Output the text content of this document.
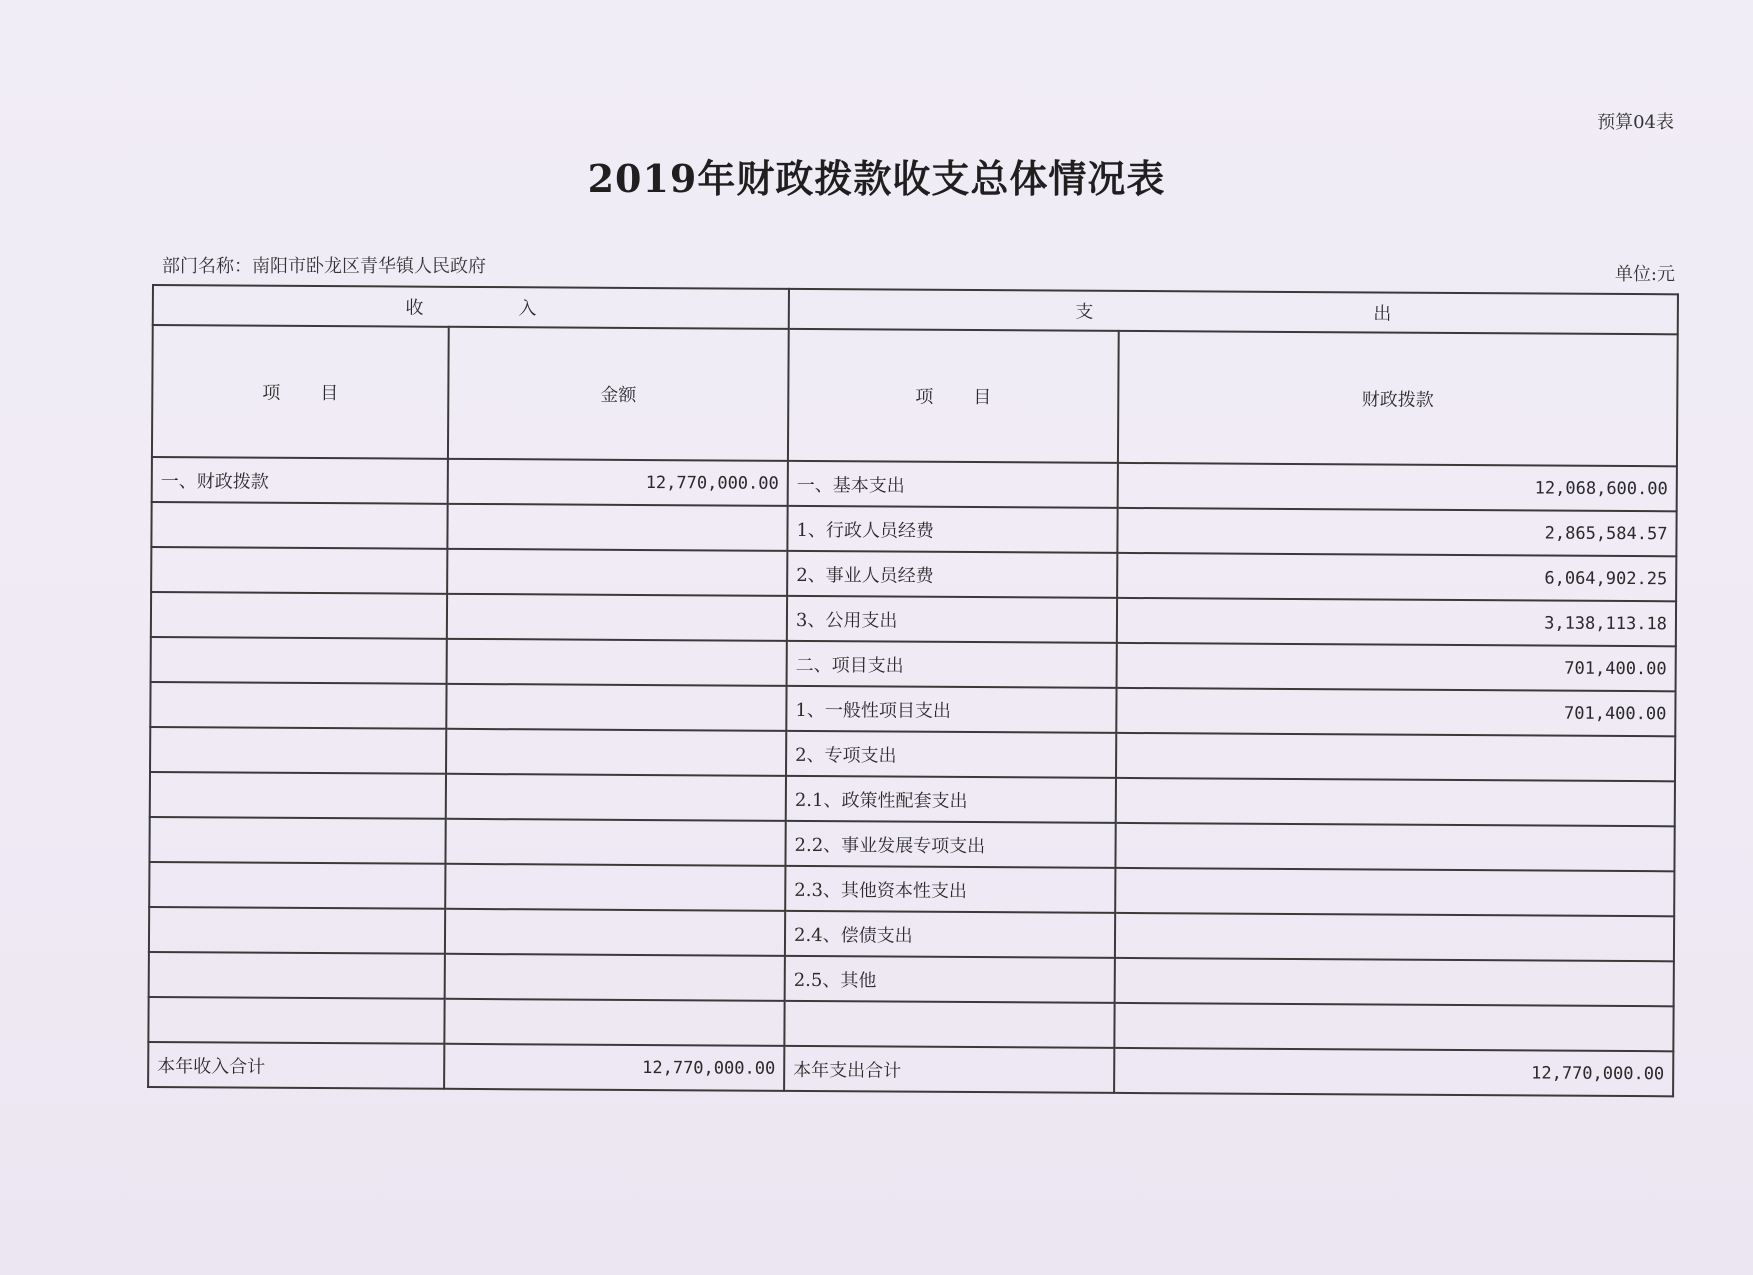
预算04表
2019年财政拨款收支总体情况表
部门名称：南阳市卧龙区青华镇人民政府	单位:元
收 入		支 出	
项 目	金额	项 目	财政拨款
一、财政拨款	12,770,000.00	一、基本支出	12,068,600.00
		1、行政人员经费	2,865,584.57
		2、事业人员经费	6,064,902.25
		3、公用支出	3,138,113.18
		二、项目支出	701,400.00
		1、一般性项目支出	701,400.00
		2、专项支出	
		2.1、政策性配套支出	
		2.2、事业发展专项支出	
		2.3、其他资本性支出	
		2.4、偿债支出	
		2.5、其他	

本年收入合计	12,770,000.00	本年支出合计	12,770,000.00
